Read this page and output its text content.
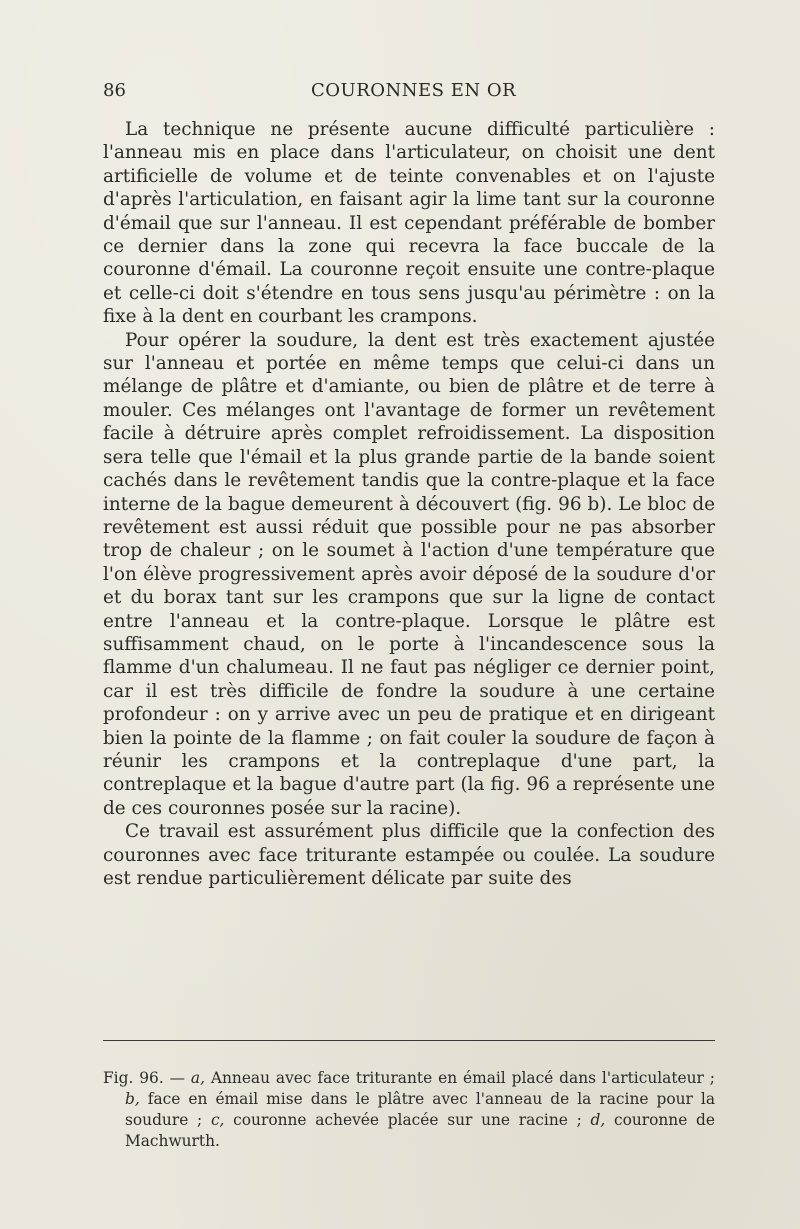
86	COURONNES EN OR

La technique ne présente aucune difficulté particulière : l'anneau mis en place dans l'articulateur, on choisit une dent artificielle de volume et de teinte convenables et on l'ajuste d'après l'articulation, en faisant agir la lime tant sur la couronne d'émail que sur l'anneau. Il est cependant préférable de bomber ce dernier dans la zone qui recevra la face buccale de la couronne d'émail. La couronne reçoit ensuite une contre-plaque et celle-ci doit s'étendre en tous sens jusqu'au périmètre : on la fixe à la dent en courbant les crampons.

Pour opérer la soudure, la dent est très exactement ajustée sur l'anneau et portée en même temps que celui-ci dans un mélange de plâtre et d'amiante, ou bien de plâtre et de terre à mouler. Ces mélanges ont l'avantage de former un revêtement facile à détruire après complet refroidissement. La disposition sera telle que l'émail et la plus grande partie de la bande soient cachés dans le revêtement tandis que la contre-plaque et la face interne de la bague demeurent à découvert (fig. 96 b). Le bloc de revêtement est aussi réduit que possible pour ne pas absorber trop de chaleur ; on le soumet à l'action d'une température que l'on élève progressivement après avoir déposé de la soudure d'or et du borax tant sur les crampons que sur la ligne de contact entre l'anneau et la contre-plaque. Lorsque le plâtre est suffisamment chaud, on le porte à l'incandescence sous la flamme d'un chalumeau. Il ne faut pas négliger ce dernier point, car il est très difficile de fondre la soudure à une certaine profondeur : on y arrive avec un peu de pratique et en dirigeant bien la pointe de la flamme ; on fait couler la soudure de façon à réunir les crampons et la contreplaque d'une part, la contreplaque et la bague d'autre part (la fig. 96 a représente une de ces couronnes posée sur la racine).

Ce travail est assurément plus difficile que la confection des couronnes avec face triturante estampée ou coulée. La soudure est rendue particulièrement délicate par suite des

Fig. 96. — a, Anneau avec face triturante en émail placé dans l'articulateur ; b, face en émail mise dans le plâtre avec l'anneau de la racine pour la soudure ; c, couronne achevée placée sur une racine ; d, couronne de Machwurth.
